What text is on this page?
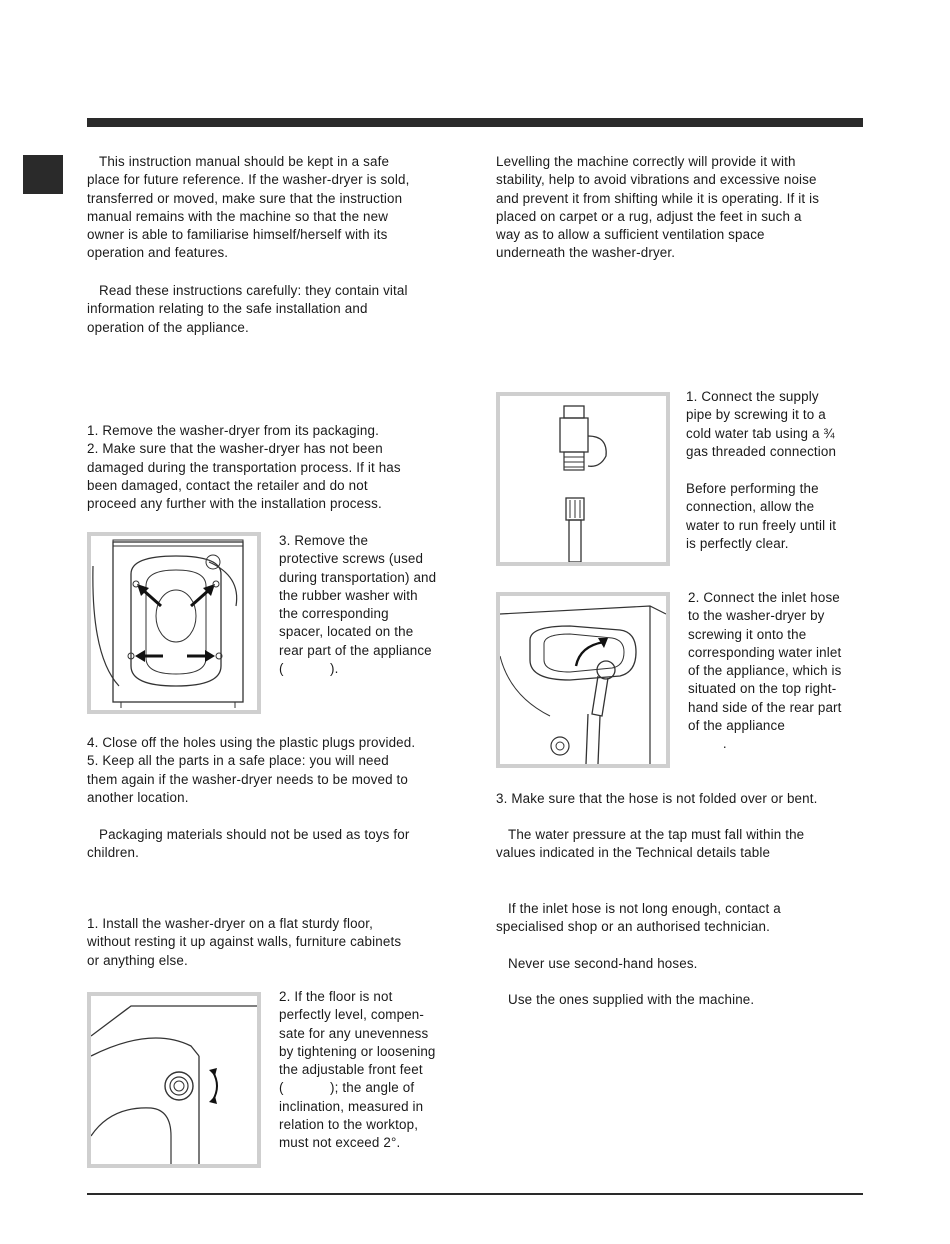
This instruction manual should be kept in a safe

place for future reference. If the washer-dryer is sold,

transferred or moved, make sure that the instruction

manual remains with the machine so that the new

owner is able to familiarise himself/herself with its

operation and features.

Read these instructions carefully: they contain vital

information relating to the safe installation and

operation of the appliance.

1. Remove the washer-dryer from its packaging.

2. Make sure that the washer-dryer has not been

damaged during the transportation process. If it has

been damaged, contact the retailer and do not

proceed any further with the installation process.

3. Remove the

protective screws (used

during transportation) and

the rubber washer with

the corresponding

spacer, located on the

rear part of the appliance

(            ).

4. Close off the holes using the plastic plugs provided.

5. Keep all the parts in a safe place: you will need

them again if the washer-dryer needs to be moved to

another location.

Packaging materials should not be used as toys for

children.

1. Install the washer-dryer on a flat sturdy floor,

without resting it up against walls, furniture cabinets

or anything else.

2. If the floor is not

perfectly level, compen-

sate for any unevenness

by tightening or loosening

the adjustable front feet

(            ); the angle of

inclination, measured in

relation to the worktop,

must not exceed 2°.

Levelling the machine correctly will provide it with

stability, help to avoid vibrations and excessive noise

and prevent it from shifting while it is operating. If it is

placed on carpet or a rug, adjust the feet in such a

way as to allow a sufficient ventilation space

underneath the washer-dryer.

1. Connect the supply

pipe by screwing it to a

cold water tab using a ¾

gas threaded connection

Before performing the

connection, allow the

water to run freely until it

is perfectly clear.

2. Connect the inlet hose

to the washer-dryer by

screwing it onto the

corresponding water inlet

of the appliance, which is

situated on the top right-

hand side of the rear part

of the appliance

.

3. Make sure that the hose is not folded over or bent.

The water pressure at the tap must fall within the

values indicated in the Technical details table

If the inlet hose is not long enough, contact a

specialised shop or an authorised technician.

Never use second-hand hoses.

Use the ones supplied with the machine.
